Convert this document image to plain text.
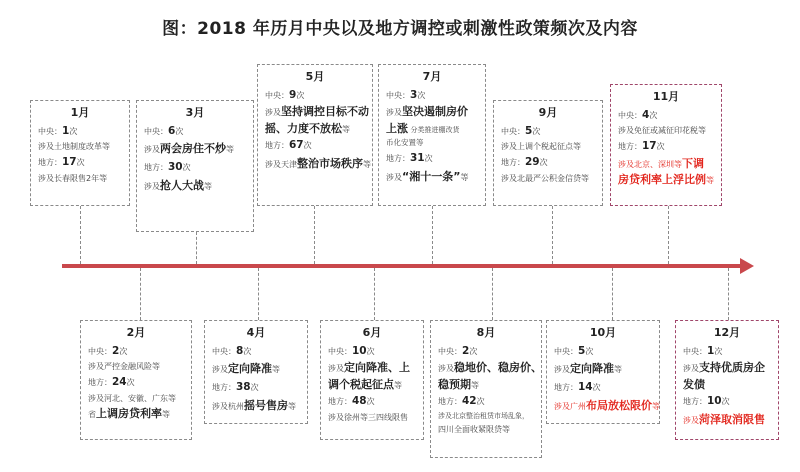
图：2018 年历月中央以及地方调控或刺激性政策频次及内容
1月
中央：1次
涉及土地制度改革等
地方：17次
涉及长春限售2年等
3月
中央：6次
涉及两会房住不炒等
地方：30次
涉及抢人大战等
5月
中央：9次
涉及坚持调控目标不动
摇、力度不放松等
地方：67次
涉及天津整治市场秩序等
7月
中央：3次
涉及坚决遏制房价
上涨 分类推进棚改货
币化安置等
地方：31次
涉及“湘十一条”等
9月
中央：5次
涉及上调个税起征点等
地方：29次
涉及北最严公积金信贷等
11月
中央：4次
涉及免征或减征印花税等
地方：17次
涉及北京、深圳等下调
房贷利率上浮比例等
2月
中央：2次
涉及严控金融风险等
地方：24次
涉及河北、安徽、广东等
省上调房贷利率等
4月
中央：8次
涉及定向降准等
地方：38次
涉及杭州摇号售房等
6月
中央：10次
涉及定向降准、上
调个税起征点等
地方：48次
涉及徐州等三四线限售
8月
中央：2次
涉及稳地价、稳房价、
稳预期等
地方：42次
涉及北京整治租赁市场乱象，
四川全面收紧限贷等
10月
中央：5次
涉及定向降准等
地方：14次
涉及广州布局放松限价等
12月
中央：1次
涉及支持优质房企
发债
地方：10次
涉及菏泽取消限售
